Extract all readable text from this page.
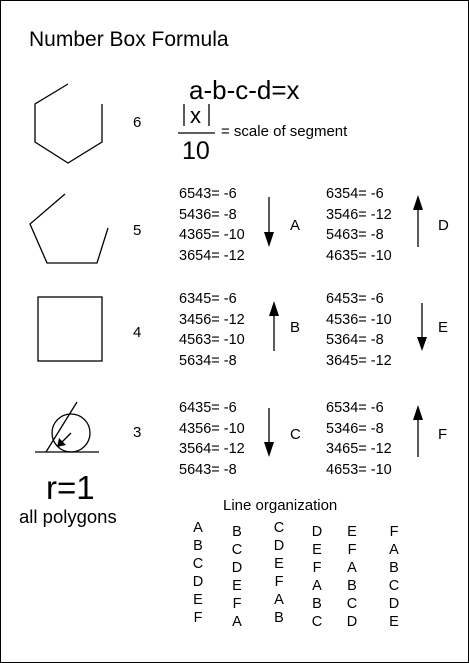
Number Box Formula
a-b-c-d=x
x
10
= scale of segment
6
5
4
3
6543= -6
5436= -8
4365= -10
3654= -12
A
6354= -6
3546= -12
5463= -8
4635= -10
D
6345= -6
3456= -12
4563= -10
5634= -8
B
6453= -6
4536= -10
5364= -8
3645= -12
E
6435= -6
4356= -10
3564= -12
5643= -8
C
6534= -6
5346= -8
3465= -12
4653= -10
F
r=1
all polygons
Line organization
A
B
C
D
E
F
B
C
D
E
F
A
C
D
E
F
A
B
D
E
F
A
B
C
E
F
A
B
C
D
F
A
B
C
D
E
